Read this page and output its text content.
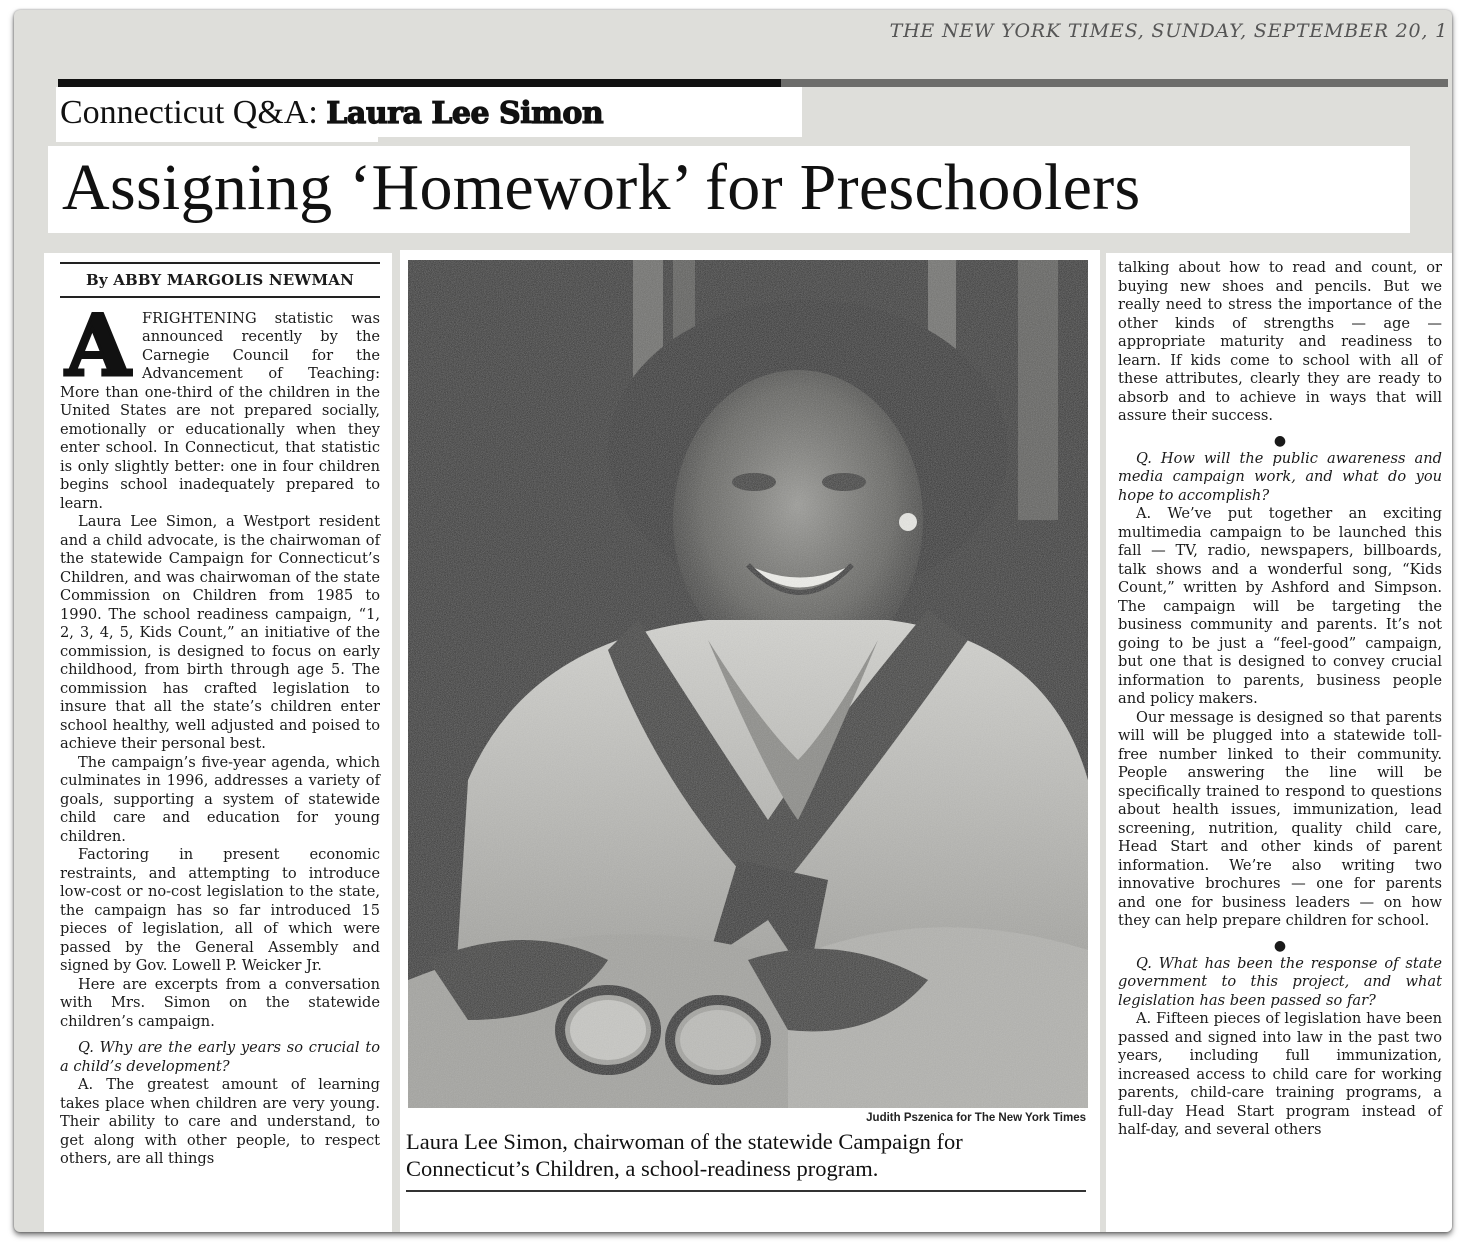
THE NEW YORK TIMES, SUNDAY, SEPTEMBER 20, 1
Connecticut Q&A: Laura Lee Simon
Assigning ‘Homework’ for Preschoolers
By ABBY MARGOLIS NEWMAN

AFRIGHTENING statistic was announced recently by the Carnegie Council for the Advancement of Teaching: More than one-third of the children in the United States are not prepared socially, emotionally or educationally when they enter school. In Connecticut, that statistic is only slightly better: one in four children begins school inadequately prepared to learn.

Laura Lee Simon, a Westport resident and a child advocate, is the chairwoman of the statewide Campaign for Connecticut’s Children, and was chairwoman of the state Commission on Children from 1985 to 1990. The school readiness campaign, “1, 2, 3, 4, 5, Kids Count,” an initiative of the commission, is designed to focus on early childhood, from birth through age 5. The commission has crafted legislation to insure that all the state’s children enter school healthy, well adjusted and poised to achieve their personal best.

The campaign’s five-year agenda, which culminates in 1996, addresses a variety of goals, supporting a system of statewide child care and education for young children.

Factoring in present economic restraints, and attempting to introduce low-cost or no-cost legislation to the state, the campaign has so far introduced 15 pieces of legislation, all of which were passed by the General Assembly and signed by Gov. Lowell P. Weicker Jr.

Here are excerpts from a conversation with Mrs. Simon on the statewide children’s campaign.

Q. Why are the early years so crucial to a child’s development?

A. The greatest amount of learning takes place when children are very young. Their ability to care and understand, to get along with other people, to respect others, are all things

Judith Pszenica for The New York Times
Laura Lee Simon, chairwoman of the statewide Campaign for Connecticut’s Children, a school-readiness program.

talking about how to read and count, or buying new shoes and pencils. But we really need to stress the importance of the other kinds of strengths — age — appropriate maturity and readiness to learn. If kids come to school with all of these attributes, clearly they are ready to absorb and to achieve in ways that will assure their success.

●

Q. How will the public awareness and media campaign work, and what do you hope to accomplish?

A. We’ve put together an exciting multimedia campaign to be launched this fall — TV, radio, newspapers, billboards, talk shows and a wonderful song, “Kids Count,” written by Ashford and Simpson. The campaign will be targeting the business community and parents. It’s not going to be just a “feel-good” campaign, but one that is designed to convey crucial information to parents, business people and policy makers.

Our message is designed so that parents will will be plugged into a statewide toll-free number linked to their community. People answering the line will be specifically trained to respond to questions about health issues, immunization, lead screening, nutrition, quality child care, Head Start and other kinds of parent information. We’re also writing two innovative brochures — one for parents and one for business leaders — on how they can help prepare children for school.

●

Q. What has been the response of state government to this project, and what legislation has been passed so far?

A. Fifteen pieces of legislation have been passed and signed into law in the past two years, including full immunization, increased access to child care for working parents, child-care training programs, a full-day Head Start program instead of half-day, and several others
